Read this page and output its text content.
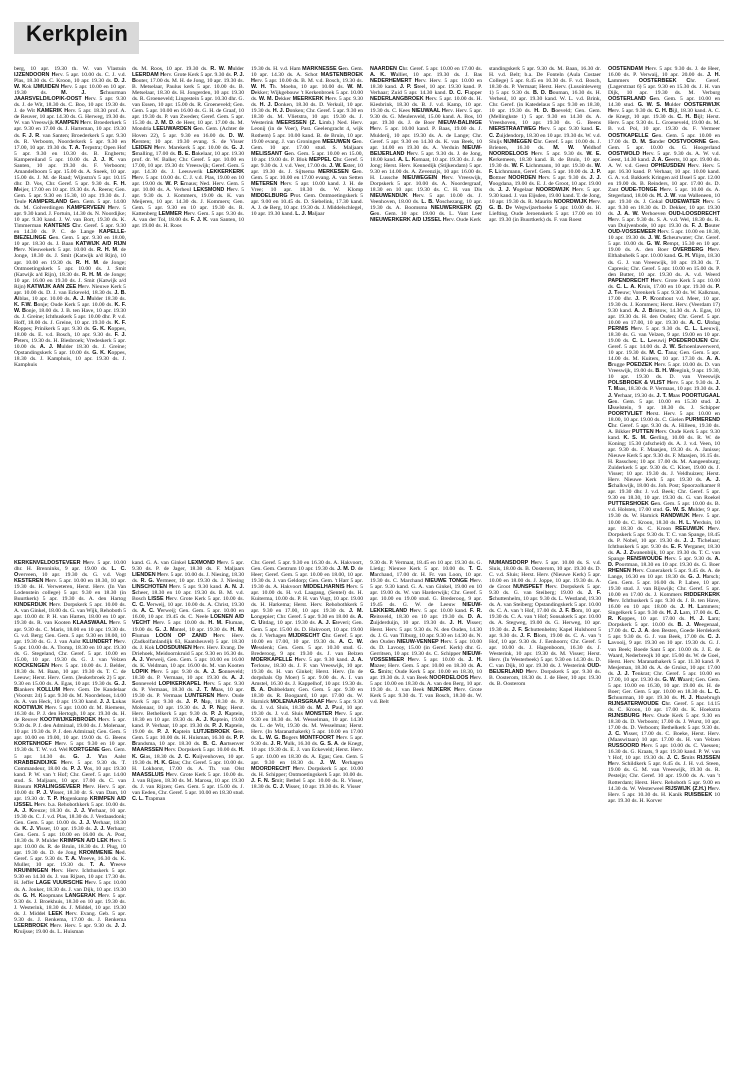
Kerkplein

berg, 10 apr. 19.30 th. W. van Vlastuin IJZENDOORN Herv. 5 apr. 10.00 ds. C. J. v.d. Plas, 18.30 ds. C. Kroon, 10 apr. 19.30 ds. D. J. W. Kok IJMUIDEN Herv. 5 apr. 10.00 en 10 apr. 19.30 ds. M. J. Schuurman JAARSVELD/LOPIK-OOST Herv. 5 apr. 9.30 ds. J. de Wit, 18.30 ds. C. Boo, 10 apr. 19.30 ds. J. de Wit KAMERIK Herv. 5 apr. 18.30 prof. A. de Reuver, 10 apr. 14.30 ds. G. Herweg, 19.30 ds. W. van Vreeswijk KAMPEN Herv. Broederkerk 5 apr. 9.30 en 17.00 ds. J. Harteman, 10 apr. 19.30 ds. F. J. R. van Santen; Broederkerk 5 apr. 9.30 ds. R. Verboom, Noorderkerk 5 apr. 9.30 en 17.00, 10 apr. 19.30 ds. T. A. Terpstra; Open Hof 5 apr. 9.30 en 10.30 ds. B. Engberts; Kampereiland 5 apr. 10.00 ds. J. J. K. van Santen, 10 apr. 19.30 ds. F. Verboom; Amandelboom 5 apr. 15.00 ds. A. Sneek, 10 apr. 15.00 ds. J. M. de Raad; Wijnstra's 5 apr. 10.15 dhr. D. Vos, Chr. Geref. 5 apr. 9.30 ds. F. H. Meijer, 17.00 en 10 apr. 19.30 ds. A. Reens; Gen. Gem. 5 apr. 9.30 en 15.30, 10 apr. 19.30 ds. J. Teule KAMPERLAND Gen. Gem. 5 apr. 14.00 ds. M. Golverdingen KAMPERVEEN Herv. 5 apr. 9.30 kand. J. Fortuin, 14.30 ds. N. Noordijke; 10 apr. 9.30 kand. J. W. van Bort, 19.30 ds. K. Timmerman KANTENS Chr. Geref. 5 apr. 9.30 en 14.30 ds. P. C. de Lange KAPELLE-BIEZELINGE Gen. Gem. 5 apr. 9.30 en 18.00, 10 apr. 18.30 ds. J. Baan KATWIJK A/D RIJN Herv. Nieuwekerk 5 apr. 10.00 ds. R. H. M. de Jonge, 18.30 ds. J. Smit (Katwijk a/d Rijn), 10 apr. 10.00 en 19.30 ds. R. H. M. de Jonge; Ontmoetingskerk 5 apr. 10.00 ds. J. Smit (Katwijk a/d Rijn), 18.30 ds. R. H. M. de Jonge; 10 apr. 16.00 en 19.30 ds. J. Smit (Katwijk a/d Rijn) KATWIJK AAN ZEE Herv. Nieuwe Kerk 5 apr. 10.00 ds. D. J. van Eckeveld, 18.30 ds. J. B. Alblas, 10 apr. 10.00 ds. A. J. Mulder 18.30 ds. K. F.W. Bonje; Oude Kerk 5 apr. 10.00 ds. K. F. W. Bonje, 18.00 ds. J. B. ten Have, 10 apr. 19.30 ds. J. Greine; Ichthuskerk 5 apr. 10.00 dhr. P. v.d. Hoff, 18.00 ds. J. Greine, 10 apr. 19.30 ds. K. F. Koppes; Prinikerk 5 apr. 9.30 ds. G. K. Koppes, 18.00 ds. E. v.d. Bosch, 10 apr. 9.30 ds. F. J. Peters, 19.30 ds. H. Biesbroek; Vredeskerk 5 apr. 10.00 ds. A. J. Mulder 18.30 ds. J. Greine; Opstandingskerk 5 apr. 10.00 ds. G. K. Koppes, 18.30 ds. J. Kamphuis, 10 apr. 19.30 ds. J. Kamphuis

ds. M. Roos, 10 apr. 19.30 ds. R. W. Mulder LEERDAM Herv. Grote Kerk 5 apr. 9.30 ds. P. J. Bouter, 17.00 ds. M. H. de Jong, 10 apr. 19.30 ds. B. Metselaar, Paulus kerk 5 apr. 10.00 ds. B. Metselaar, 18.30 ds. H. Jongerden, 10 apr. 19.30 ds. R. Groeneveld; Lingestein 5 apr. 10.30 dhr. G. van Essen, 10 apr. 15.00 ds. R. Groeneveld; Gen. Gem. 5 apr. 10.00 en 16.00 ds. G. H. de Graaf, 10 apr. 19.30 ds. P. van Zweden; Geref. Gem. 5 apr. 15.30 ds. J. M. D. de Heer, 10 apr. 17.00 ds. M. Mondria LEEUWARDEN Gen. Gem. (Achter de Hoven 22), 5 apr. 9.30 en 16.00 ds. D. W. Kersten; 10 apr. 19.30 evang. S. de Visser LEIDEN Herv. Marekerk 5 apr. 10.00 ds. G. J. Smalling, 17.00 ds. B. E. Bakelaar, 10 apr. 19.30 prof. dr. W. Balke; Chr. Geref. 5 apr. 10.00 en 17.00, 10 apr. 19.30 dr. Vreeswijk; Geref. Gem. 5 apr. 14.30 ds. J. Leeuwerik LEKKERKERK Herv. 5 apr. 10.00 ds. C. J. v.d. Plas, 19.00 en 10 apr. 19.00 ds. W. P. Ernaus; Ned. Herv. Gem. 5 apr. 10.00 ds. A. Verheul LEKSMOND Herv. 5 apr. 9.30 ds. J. Kommers, 19.00 ds. K. van Meijeren, 10 apr. 14.30 ds. J. Kommers; Gen. Gem. 5 apr. 9.30 en 10 apr. 19.30 ds. R. Kattenberg LEMMER Herv. Gem. 5 apr. 9.30 ds. A. van der Tol, 18.00 ds. F. J. K. van Santen, 10 apr. 19.00 ds. H. Roos

19.30 ds. H. v.d. Ham MARKNESSE Gen. Gem. 10 apr. 14.30 ds. A. Schot MASTENBROEK Herv. 5 apr. 10.00 ds. B. M. v.d. Bosch, 19.30 ds. W. H. Th. Moehn, 10 apr. 10.00 ds. W. M. Dekker; Wijkgebouw 't Kerkenbroek 5 apr. 10.00 ds. W. M. Dekker MEERKERK Herv. 5 apr. 9.30 ds. H. J. Donken, 18.30 ds. D. Verkuil, 10 apr. 19.30 ds. H. J. Donken; Chr. Geref. 5 apr. 9.30 en 18.30 ds. M. Vlietstra, 10 apr. 19.30 ds. J. Westerink MEERSSEN (Z. Limb.) Ned. Herv. Leonij (in de Voer), Past. Geelengracht 4, wijk Rothem) 5 apr. 10.00 kand. B. de Bruin, 10 apr. 19.00 evang. J. van Groningen MEEUWEN Gen. Gem. 10 apr. 17.00 stud. S. Maljaars MELISSANT Gen. Gem. 5 apr. 10.00 en 15.00, 10 apr. 19.00 ds. P. Blok MEPPEL Chr. Geref. 5 apr. 9.30 ds. J. v.d. Veer, 17.00 ds. J. W. Ester, 10 apr. 19.30 ds. J. Sijtsema MERKESEN Gen. Gem. 5 apr. 10.00 en 17.00 evang. A. van Setten METEREN Herv. 5 apr. 10.00 kand. J. H. de Vree; 10 apr. 18.30 ds. W. Klomp MIDDELBURG Prot. Gem. Ontmoetingskerk 5 apr. 9.00 en 10.45 ds. D. Siebelink, 17.30 kand. A. J. de Berg, 10 apr. 19.30 ds. J. Middelschlegel, 10 apr. 19.30 kand. L. J. Maljaar

NAARDEN Chr. Geref. 5 apr. 10.00 en 17.00 ds. A. K. Walliet, 10 apr. 19.30 ds. J. Bas NEDERHEMERT Herv. Herv. 5 apr. 10.00 en 18.30 kand. J. P. Steel, 10 apr. 19.30 kand. P. Verhaar; Zuid 5 apr. 14.30 kand. D. C. Flapper NEDERLANGBROEK Herv. 5 apr. 10.00 ds. H. Kiesbrink, 18.30 ds. B. J. v.d. Kamp, 10 apr. 19.30 ds. C. Kees NIEUWAAL Herv. Herv. 5 apr. 9.30 ds. G. Meulenveld, 15.00 kand. A. Bos, 10 apr. 19.30 ds. J. de Boer NIEUW-BALINGE Herv. 5 apr. 10.00 kand. P. Baas, 19.00 ds. J. Mulderij, 10 apr. 19.30 ds. A. de Lange; Chr. Geref. 5 apr. 9.30 en 14.30 ds. K. van Beek, 10 apr. 14.00 en 19.30 ds. A. Verduin NIEUW-BEIJERLAND Herv. 5 apr. 9.30 ds. J. de Jong, 18.00 kand. A. L. Komaat, 10 apr. 19.30 ds. J. de Jong; Herst. Herv. Kennedijk (Stijkendam) 5 apr. 9.30 en 14.00 ds. A. Zevenzijs, 10 apr. 16.00 ds. H. Lussche NIEUWEGEIN Herv. Vreeswijk, Dorpskerk 5 apr. 10.00 ds. A. Noordergraaf, 18.30 en 10 apr. 19.30 ds. C. H. van Dis NIEUWENDIJK Herv. 5 apr. 10.00 ds. J. Veenhoven, 18.00 ds. L. B. Voschezang, 10 apr. 19.30 ds. A. Boomsma NIEUWERKERK (Z) Gen. Gem. 10 apr. 19.00 ds. L. Vant Leer NIEUWERKERK A/D IJSSEL Herv. Oude Kerk

standingskerk 5 apr. 9.30 ds. M. Baan, 16.30 dr. H. v.d. Belt; b.a. De Fonteln (Aula Costaer College) 5 apr. 8.45 en 10.30 ds. F. v.d. Bosch, 18.30 ds. P. Vermaat; Herst. Herv. (Lusoinlewerg 1) 5 apr. 9.30 ds. B. D. Bouman, 16.30 ds. H. Verheul, 10 apr. 19.30 kand. W. L. v.d. Brink, Chr. Geref. (in Katedelaus 5 apr. 9.30 en 18.30, 10 apr. 19.30 ds. H. D. Boeveld; Gen. Gem. (Mellingkste 1) 5 apr. 9.30 en 14.30 ds. A. Vreeshoven, 10 apr. 19.30 ds. G. Beens NIERSTRAATWEG Herv. 5 apr. 9.30 kand. E. C. Zuijdendorp, 18.30 en 10 apr. 19.30 ds. W. v.d. Sluijs NIJMEGEN Chr. Geref. 5 apr. 10.00 ds. J. Brienen, 16.30 ds. M. W. Veldhof NOORDELOOS Herv. 5 apr. 9.30 ds. W. E. Kerkemeen, 18.30 kand. B. de Bruin, 10 apr. 19.30 ds. W. F. Lichnmann, 10 apr. 19.30 ds. W. F. Lichnmann, Geref. Gem. 5 apr. 10.00 ds. J. P. Bottner NOORDEN Herv. 5 apr. 9.30 ds. J. J. Voogdana, 19.00 ds. E. J. de Groot, 10 apr. 19.00 ds. J. J. Vogelaar NOORDWIJK Herv. 5 apr. 9.30 kand. J. van Eijsden, 19.00 kand. T. de Jong, 10 apr. 19.30 ds. R. Maurits NOORDWIJK Herv. G. B. De Wegwijzerhoeke 5 apr. 10.00 ds. H. Liefting, Oude Jeroenskerk 5 apr. 17.00 en 10 apr. 19.30 (in Buurtkerk) ds. F. van Roest

KERKENVELDOSTEVEER Herv. 5 apr. 10.00 dhr. H. Brenninks, 9 apr. 19.00 ds. L. C. Overveen, 10 apr. 19.30 ds. G. v.d. Vogt KESTEREN Herv. 5 apr. 10.00 en 18.30, 10 apr. 19.30 ds. H. Verweteren, Herst. Herv. (In Van Lodenstein college) 5 apr. 9.30 en 18.30 (in Buurtkerk) 5 apr. 19.30 ds. A. den Hartog KINDERDIJK Herv. Dorpskerk 5 apr. 10.00 ds. A. van Ginkel, 18.00 ds. G. van Wijk, Rehoboth 5 apr. 10.00 dr. P. H. van Harten, 18.00 en 10 apr. 19.30 ds. R. van Kooten KLAASWAAL Herv. 5 apr. 9.30 ds. C. Maris, 18.00 en 10 apr. 19.30 ds. G. v.d. Berg; Gen. Gem. 5 apr. 9.30 en 18.00, 10 apr. 19.30 ds. G. J. van Aalst KLUNDERT Herv. 5 apr. 10.00 ds. A. Tromp, 18.30 en 10 apr. 19.30 ds. G. Stegeland, Chr. Geref. 5 apr. 10.00 en 15.00, 10 apr. 19.30 ds. G. J. van Velzen KOCKENGEN Herv. 5 apr. 10.00 ds. J. Belder, 18.30 ds. M. Baan, 10 apr. 19.30 ds. T. C. de Leeuw; Herst. Herv. Gem. (Jeukerbroek 2) 5 apr. 9.30 en 15.00 ds. A. Egas, 10 apr. 19.30 ds. G. J. Blankers KOLLUM Herv. Gem. De Kandelaar (Voorstr. 24) 5 apr. 9.30 ds. M. Noordeloos, 14.00 ds. A. van Heck, 10 apr. 19.30 kand. J. J. Lukas KOOTWIJK Herv. 5 apr. 10.00 dr. M. Riemens, 16.30 ds. P. J. den Hertogh, 10 apr. 19.30 ds. H. de Reuver KOOTWIJKERBROEK Herv. 5 apr. 9.30 ds. P. J. den Admiraal, 19.00 ds. J. Molenaar, 10 apr. 19.30 ds. P. J. den Admiraal; Gen. Gem. 5 apr. 10.00 en 19.00, 10 apr. 19.00 ds. G. Beens KORTENHOEF Herv. 5 apr. 9.30 en 10 apr. 19.30 ds. T. W. v.d. Wel KORTGENE Gen. Gem. 5 apr. 14.30 ds. G. J. Van Aalst KRABBENDIJKE Herv. 5 apr. 9.30 ds. T. Commandeur, 18.00 ds. P. J. Vos, 10 apr. 19.30 kand. P. W. van 't Hof; Chr. Geref. 5 apr. 14.00 stud. S. Maljaars, 10 apr. 17.00 ds. C. van Rinsum KRALINGSEVEER Herv. Herv. 5 apr. 10.00 dr. P. J. Visser, 18.30 dr. S. van Dam, 10 apr. 19.30 dr. T. P. Hogenkamp KRIMPEN A/D IJSSEL Herv. b.a. Rehobothkerk 5 apr. 10.00 ds. A. J. Kreuze; 18.30 ds. J. J. Verhaar, 10 apr. 19.30 ds. C. J. v.d. Plas, 18.30 ds. J. Verdaasdonk; Gen. Gem. 5 apr. 10.00 ds. J. J. Verhaar, 18.30 ds. K. J. Visser, 10 apr. 19.30 ds. J. J. Verhaar; Gen. Gem. 5 apr. 10.00 en 16.00 ds. A. Post, 18.30 ds. P. Mulder KRIMPEN A/D LEK Herv. 5 apr. 10.00 ds. R. de Bruin, 18.30 ds. J. Plug, 10 apr. 19.30 ds. D. de Jong KROMMENIE Ned. Geref. 5 apr. 9.30 ds. T. A. Vreeve, 16.30 ds. K. Muller, 10 apr. 19.30 ds. T. A. Vreeve KRUININGEN Herv. Herv. Ichthuskerk 5 apr. 9.30 en 14.30 ds. J. van Rijzen, 10 apr. 17.30 ds. H. Jeffer LAGE VUURSCHE Herv. 5 apr. 10.00 ds. A. Jonker, 18.30 ds. J. van Dijk, 10 apr. 19.30 ds. G. H. Koopmans LANGERAK Herv. 5 apr. 9.30 ds. J. Broekhuis, 18.30 en 10 apr. 19.30 ds. J. Westerink, 18.30 ds. J. Middel, 10 apr. 19.30 ds. J. Middel LEEK Herv. Evang. Geb. 5 apr. 9.30 ds. J. Renkema, 17.00 ds. J. Renkema LEERBROEK Herv. Herv. 5 apr. 9.30 ds. J. J. Kruijsse; 19.00 ds. L. Huisman

kand. G. A. van Ginkel LEXMOND Herv. 5 apr. 9.30 ds. P. de Jager, 18.30 ds. F. Maljaars LIENDEN Herv. 5 apr. 10.00 ds. J. Niesing, 18.30 ds. R. G. Vermeer, 10 apr. 19.30 ds. J. Niesing LINSCHOTEN Herv. 5 apr. 9.30 kand. A. N. J. Scheer, 18.30 en 10 apr. 19.30 ds. B. M. v.d. Bosch LISSE Herv. Grote Kerk 5 apr. 10.00 ds. C. C. Verweij, 10 apr. 10.00 ds. A. Christ, 19.30 ds. A. C. Verweij; Gen. Gem. 5 apr. 10.00 en 16.00, 10 apr. 19.45 ds. C. Neele LOENEN A/D VECHT Herv. 5 apr. 10.00 ds. H. M. Fluman, 19.00 ds. G. J. Mantel, 10 apr. 19.30 ds. H. M. Fluman LOON OP ZAND Herv. Herv. (Zadkolfanlandijk 63, Kaatsheuvel) 5 apr. 18.30 ds. J. Kok LOOSDUINEN Herv. Herv. Evang. De Driehoek, Meidoornkruid 5 apr. 9.30 en 16.30 ds. A. J. Verweij, Gen. Gem. 5 apr. 10.00 en 16.00 ds. K. Veldman, 10 apr. 16.00 ds. M. van Kooten LOPIK Herv. 5 apr. 9.30 ds. A. J. Sonneveld; 18.30 ds. P. Vermaas, 10 apr. 19.30 ds. A. J. Sonneveld LOPIKERKAPEL Herv. 5 apr. 9.30 ds. P. Vermaas, 18.30 ds. J. T. Maas, 10 apr. 19.30 ds. P. Vermaas LUNTEREN Herv. Oude Kerk 5 apr. 9.30 ds. J. P. Nap, 18.30 ds. P. Molenaar, 10 apr. 19.30 ds. J. P. Nap; Herst. Herv. Bethelkerk 5 apr. 9.30 ds. P. J. Kaptein, 18.30 en 10 apr. 19.30 ds. A. J. Kaptein, 19.00 kand. P. Verhaar, 10 apr. 19.30 ds. P. J. Kaptein, 19.00 ds. P. J. Kaptein LUTJEBROEK Gen. Gem. 5 apr. 10.00 ds. H. Huisman, 16.30 ds. P. P. Brandsma, 10 apr. 18.30 ds. B. C. Aartsenver MAARSSEN Herv. Dorpskerk 5 apr. 10.00 ds. H. K. Glas, 18.30 ds. J. C. Kuijvenhoven, 10 apr. 19.30 ds. H. K. Glas; Chr. Geref. 5 apr. 10.00 ds. H. Lokhorst, 17.00 ds. A. Th. van Olst MAASSLUIS Herv. Grote Kerk 5 apr. 10.00 ds. J. van Rijzen, 18.30 ds. M. Marosa, 10 apr. 19.30 ds. J. van Rijzen; Gen. Gem. 5 apr. 15.00 ds. J. van Eeden, Chr. Geref. 5 apr. 10.00 en 18.30 stud. C. L. Trapman

Chr. Geref. 5 apr. 9.30 en 16.30 ds. A. Hakvoort, Gen. Gem. Centrum 10 apr. 19.30 ds. J. M. D. de Heer; Geref. Gem. 5 apr. 10.00 en 18.00, 10 apr. 19.30 ds. J. van Geldorp; Gen. Gem. 't Harr 5 apr. 19.30 ds. A. Hakvoort MIDDELHARNIS Herv. 5 apr. 10.00 ds. H. v.d. Laagang, (Sentel) ds. H. Kuiterma, 10.00 ds. P. H. van Vugt, 10 apr. 19.00 ds. H. Harkema; Herst. Herv. Rehobothkerk 5 apr. 9.30 en 17.00, 10 apr. 19.30 ds. J. M. Longepier; Chr. Geref. 5 apr. 9.30 en 18.00 ds. A. C. Uitdag, 10 apr. 19.30 ds. A. J. Eteveri; Gen. Gem. 5 apr. 15.00 ds. D. Hakvoort, 10 apr. 19.00 ds. J. Verhagen MIJDRECHT Chr. Geref. 5 apr. 10.00 en 17.00, 10 apr. 19.30 ds. A. C. W. Wesslenk; Gen. Gem. 5 apr. 10.30 stud. G. Brederoog, 9 apr. 19.30 ds. J. van Belzen MOERKAPELLE Herv. 5 apr. 9.30 kand. J. A. Terlouw, 18.30 ds. J. F. van Vreeswijk, 10 apr. 19.30 ds. H. van Ginkel; Herst. Herv. (In de dorpshals Op Moer) 5 apr. 9.00 ds. A. I. van Amstel, 16.30 ds. J. Kappelhof, 10 apr. 19.30 ds. B. A. Dubbeldam; Gen. Gem. 5 apr. 9.30 en 18.30 ds. R. Boogaard, 10 apr. 17.00 ds. W. Harnick MOLENAARSGRAAF Herv. 5 apr. 9.30 ds. J. v.d. Sluis, 18.30 ds. M. J. Paul, 10 apr. 19.30 ds. J. v.d. Sluis MONSTER Herv. 5 apr. 9.30 en 18.30 ds. M. Wesselman, 10 apr. 14.30 ds. L. de Wit, 19.30 ds. M. Wesselman; Herst. Herv. (In Maranathakerk) 5 apr. 10.00 en 17.00 ds. L. W. G. Bogers MONTFOORT Herv. 5 apr. 9.30 ds. J. R. Vulk, 16.30 ds. G. S. A. de Knegt, 10 apr. 19.30 ds. E. J. van Eckeveld; Herst. Herv. 5 apr. 10.00 en 18.30 ds. A. Egas; Gen. Gem. 5 apr. 9.30 en 18.30 ds. J. W. Verhagen MOORDRECHT Herv. Dorpskerk 5 apr. 10.00 ds. H. Schipper; Ontmoetingskerk 5 apr. 10.00 ds. J. F. N. Smit; Bethel 5 apr. 10.00 ds. R. Visser, 18.30 ds. C. J. Visser, 10 apr. 19.30 ds. R. Visser

9.30 ds. P. Vermaat, 18.45 en 10 apr. 19.30 ds. G. Lietig; Nieuwe Kerk 5 apr. 10.00 ds. T. C. Marchand, 17.00 dr. H. Fr. van Loon, 10 apr. 19.30 ds. C. Marchand NIEUWE TONGE Herv. 5 apr. 9.30 kand. G. A. van Ginkel, 19.00 en 10 apr. 19.00 ds. W. van Harderwijk; Chr. Geref. 5 apr. 10.00 en 19.00 stud. G. Brederoog, 9 apr. 19.45 ds. G. W. de Leeuw NIEUW-LEKKERLAND Herv. 5 apr. 10.00 kand. F. R. Reitsveld, 18.30 en 10 apr. 19.30 ds. D. A. Zuijderduijn, 10 apr. 19.30 ds. J. H. Visser; Herst. Herv. 5 apr. 9.30 ds. N. den Ouden, 14.30 ds. J. G. van Tilburg, 10 apr. 9.30 en 14.30 ds. N. den Ouden NIEUW-VENNEP Herv. 5 apr. 10.00 ds. D. Lavooy, 15.00 (in Geref. Kerk) dhr. G. Gerritsen, 10 apr. 19.30 ds. C. Schipper NIEUW-VOSSEMEER Herv. 5 apr. 10.00 ds. J. H. Mazee; Herv. Gem. 5 apr. 10.00 en 18.30 ds. A. G. Smits; Oude Kerk 5 apr. 10.00 en 18.30, 10 apr. 19.30 ds. J. van Beek NOORDELOOS Herv. 5 apr. 10.00 en 18.30 ds. A. van den Berg, 10 apr. 19.30 ds. J. van Beek NIJKERK Herv. Grote Kerk 5 apr. 9.30 ds. T. van Bosch, 18.30 ds. W. v.d. Belt

NUMANSDORP Herv. 5 apr. 10.00 ds. S. v.d. Sluis, 18.00 ds. B. Oosterom, 10 apr. 19.30 ds. D. C. v.d. Sluis; Herst. Herv. (Nieuwe Kerk) 5 apr. 10.00 en 18.00 ds. J. Joppe, 10 apr. 19.30 ds. A. de Groot NUNSPEET Herv. Dorpskerk 5 apr. 9.30 ds. G. van Steiberg; 19.00 ds. J. F. Schuttenhelm, 10 apr. 9.30 ds. L. Westland, 19.30 ds. A. van Steiberg; Opstandingskerk 5 apr. 10.00 ds. C. A. van 't Hof, 17.00 ds. J. F. Bom, 10 apr. 19.30 ds. C. A. van 't Hof; Sonsakerk 5 apr. 10.00 ds. A. Stegweg, 19.00 ds. G. Herweg, 10 apr. 19.30 ds. J. F. Schuttenhelm; Kapel Hulshorst 5 apr. 9.30 ds. J. F. Blom, 19.00 ds. C. A. van 't Hof, 10 apr. 9.30 ds. J. Eenhoorn; Chr. Geref. 5 apr. 10.00 ds. J. Hagenboom, 16.30 ds. J. Westerink, 10 apr. 19.30 ds. M. Visser; Herst. Herv. (In Westerbeek) 5 apr. 9.30 en 14.30 ds. D. C. van Dijk, 10 apr. 19.30 ds. J. Westerink OUD-BEIJERLAND Herv. Dorpskerk 5 apr. 9.30 ds. B. Oosterom, 18.30 ds. J. de Heer, 10 apr. 19.30 ds. B. Oosterom

OOSTENDAM Herv. 5 apr. 9.30 ds. J. de Heer, 16.00 ds. P. Verwaij, 10 apr. 20.00 ds. J. H. Lammers OOSTERBEEK Chr. Geref. (Lagerstraat 6) 5 apr. 9.30 en 15.30 ds. J. H. van Dijk, 10 apr. 19.30 ds. M. Verburg OOSTERLAND Gen. Gem. 5 apr. 10.00 en 14.30 stud. G. W. S. Mulder OOSTERWIJK Herv. 5 apr. 9.30 ds. C. H. Bijl, 18.30 kand. A. C. de Knegt, 10 apr. 19.30 ds. C. H. Bijl; Herst. Herv. 5 apr. 9.30 ds. L. Groeneveld, 19.00 ds. M. B. v.d. Pol, 10 apr. 19.30 ds. F. Vermeer OOSTKAPELLE Gen. Gem. 5 apr. 10.00 en 17.00 ds. D. M. Sander OOSTVOORNE Gen. Gem. 5 apr. 10.00 ds. G. Hoogerland OOSTWOLD Herv. 5 apr. 9.30 ds. A. W. v.d. Geest, 14.30 kand. J. A. Geerts, 10 apr. 19.00 ds. A. W. v.d. Geest OPHEUSDEN Herv. Herv. 5 apr. 16.30 kand. P. Verhaar, 10 apr. 10.00 kand. G. A. v.d. Bakkerk Kringen a/d IJssel 5 apr. 12.00 en 19.00 ds. B. Reinders, 10 apr. 17.00 ds. D. Zant OUDE-TONGE Herv. 5 apr. 10.00 ds. A. Stegerland, 18.00 ds. H. J. W. van Walleneen, 10 apr. 19.30 ds. J. Gokal OUDEWATER Herv. 5 apr. 9.30 en 18.30 ds. D. Dekker, 10 apr. 19.30 ds. J. A. W. Verhoeven OUD-LOOSDRECHT Herv. 5 apr. 9.30 ds. S. A. v.d. Wel, 18.30 ds. R. van Duijvenbode, 10 apr. 19.30 ds. F. J. Bouter OUD-VOSSEMEER Herv. 5 apr. 10.00 en 18.30, 10 apr. 19.30 ds. J. W. Scheurwater; Chr. Geref. 5 apr. 10.00 ds. G. W. Rempt, 15.30 en 10 apr. 19.00 ds. A. den Boer OVERBERG Herv. Elthabuhelk 5 apr. 10.00 kand. G. H. Vlijm, 18.30 ds. G. J. van Vreeswijk, 10 apr. 19.30 ds. T. Capresis; Chr. Geref. 5 apr. 10.00 en 15.00 ds. P. den Butter, 10 apr. 19.30 ds. A. v.d. Weerd PAPENDRECHT Herv. Grote Kerk 5 apr. 10.00 ds. C. L. A. Kruis, 17.00 en 10 apr. 19.30 ds. P. J. Teeuw; Vorenkerk 5 apr. 9.30 ds. W. Kalkman, 17.00 dhr. J. P. Kronthout v.d. Meer, 10 apr. 19.30 ds. J. Kommers; Herst. Herv. (Veerdam 17) 9.30 kand. A. J. Bristow, 14.30 ds. A. Egas, 10 apr. 19.30 ds. H. den Ouden; Chr. Geref. 5 apr. 10.00 en 17.00, 10 apr. 19.30 ds. A. C. Uitdag PERNIS Herv. 5 apr. 9.30 ds. C. L. Leeuwij, 18.30 ds. G. van Velzen, 9 apr. 19.00 en 10 apr. 19.00 ds. C. L. Leeuwij POEDEROIJEN Chr. Geref. 5 apr. 14.00 ds. J. W. Schoenlawerwerd, 10 apr. 19.30 ds. M. C. Tana; Gen. Gem. 5 apr. 14.00 ds. M. Kuiters, 10 apr. 17.30 ds. A. A. Brugge POEDZEK Herv. 5 apr. 10.00 ds. D. van Vreeswijk, 19.00 ds. B. H. Weegink, 9 apr. 19.30, 10 apr. 19.30 ds. D. van Vreeswijk POLSBROEK & VLIST Herv. 5 apr. 9.30 ds. J. T. Maas, 18.30 ds. P. Vermaas, 10 apr. 19.30 ds. J. J. Verhaar, 19.30 ds. J. T. Maas POORTUGAAL Gen. Gem. 5 apr. 10.00 en 15.30 stud. J. IJsselstein, 9 apr. 18.30 ds. J. Schipper POORTVLIET Herst. Herv. 5 apr. 10.00 en 18.00, 10 apr. 19.00 ds. C. Gielen PURMEREND Chr. Geref. 5 apr. 9.30 ds. A. Hilleen, 19.30 ds. A. Bikker PUTTEN Herv. Oude Kerk 5 apr. 9.30 kand. K. S. M. Gerling, 10.00 ds. R. W. de Koning; 15.30 (afscheid) ds. A. J. v.d. Veen, 10 apr. 9.30 ds. F. Maasjen, 19.30 ds. A. Janisse; Nieuwe Kerk 5 apr. 9.30 ds. F. Maasjen, 16.15 ds. H. Rasschen; 10 apr. 17.00 ds. M. Aangeenburg; Zuiderkerk 5 apr. 9.30 ds. C. Kloet, 19.00 ds. J. Visser; 10 apr. 19.30 ds. J. Veldhuizen; Herst. Herv. Nieuwe Kerk 5 apr. 19.30 ds. A. J. Schalkwijk, 18.00 ds. Joh. Post; Spoorzolkamer 8 apr. 19.30 dhr. J. v.d. Beek; Chr. Geref. 5 apr. 9.30 en 18.30, 10 apr. 19.30 ds. G. van Roekel PUTTERSHOEK Gen. Gem. 5 apr. 10.00 ds. B. v.d. Holsten, 17.00 stud. G. W. S. Mulder, 9 apr. 19.30 ds. W. Harnick RANDWIJK Herv. 5 apr. 10.00 ds. C. Kroon, 18.30 ds. H. L. Verduin, 10 apr. 18.30 ds. C. Kroon REEUWIJK Herv. Dorpskerk 5 apr. 9.30 ds. T. C. van Spange, 18.45 ds. P. Nobel, 10 apr. 19.30 ds. J. J. Tichelaar; Ichthuskerk 5 apr. 9.30 ds. E. F. Verganer, 18.30 ds. A. J. Zwanenbijk, 10 apr. 19.30 ds. T. C. van Spange RENSWOUDE Herv. 5 apr. 9.30 ds. A. D. Poortman, 18.30 en 10 apr. 19.30 ds. G. Boer RHENEN Herv. Cunerakerk 5 apr. 9.45 ds. A. de Lange, 16.30 en 10 apr. 18.30 ds. G. J. Harsch; Gen. Gem. 5 apr. 16.00 ds. P. Labee, 10 apr. 19.30 stud. J. van Rijswijk; Chr. Geref. 5 apr. 10.00 en 17.00 ds. J. Kommers RIDDERKERK Herv. Ichthuskerk 5 apr. 9.30 ds. J. B. ten Have, 16.00 en 10 apr. 18.00 ds. J. H. Lammers; Singelkerk 5 apr. 9.30 ds. H. J. Lam, 17.00 ds. C. R. Koppes, 10 apr. 17.00 ds. H. J. Lam; Dorpskerk 5 apr. 10.00 ds. B. J. Weegenaal, 17.00 ds. C. J. A. den Besten, Goede Herdekerk 5 apr. 9.30 ds. G. J. van Beek, 17.00 ds. C. J. Lavooij, 9 apr. 19.30 en 10 apr. 19.30 ds. G. J. van Beek; Boede Sant 5 apr. 10.00 ds. J. E. de Waard, Nederbreojk 10 apr. 15.00 ds. W. de Goei, Herst. Herv. Maranathakerk 5 apr. 11.30 kand. P. Mesjeman, 18.30 ds. A. de Gruisz, 10 apr. 17.00 ds. J. J. Tenkrat; Chr. Geref. 5 apr. 10.00 en 17.00, 10 apr. 19.30 ds. G. W. Waard; Gen. Gem. 5 apr. 10.00 en 16.30, 10 apr. 19.00 ds. H. de Boer; Ger. Gem. 5 apr. 10.00 en 18.30 ds. L. C. Schuurman, 10 apr. 19.30 ds. H. J. Hazebrugh RIJNSATERWOUDE Chr. Geref. 5 apr. 14.15 ds. C. Kroon, 10 apr. 17.00 ds. K. Hoekstra RIJNSBURG Herv. Oude Kerk 5 apr. 9.30 en 18.30 ds. D. Verboom; 17.00 ds. J. Wurst, 10 apr. 17.00 ds. D. Verboom; Bethelkerk 5 apr. 9.30 ds. J. C. Visser, 17.00 ds. C. Boeke, Herst. Herv. (Maaswitaan) 10 apr. 17.00 ds. H. van Velzen RUSSOORD Herv. 5 apr. 10.00 ds. C. Vaessen; 16.30 ds. G. Kraats, 9 apr. 19.30 kand. P. W. van 't Hof, 10 apr. 19.30 ds. J. C. Smits RIJSSEN Herv. Schildkerk 5 apr. 8.45 ds. J. H. v.d. Steen, 19.00 ds. G. M. van Vreeswijk, 19.30 ds. R. Pesteijn; Chr. Geref. 10 apr. 19.00 ds. A. van 't Rotterdam; Herst. Herv. Rehoboth 5 apr. 9.00 en 14.30 ds. W. Westerweel RIJSWIJK (Z.H.) Herv. Herv. 5 apr. 10.30 ds. H. Kanik RUISBEEK 10 apr. 19.30 ds. H. Korver
